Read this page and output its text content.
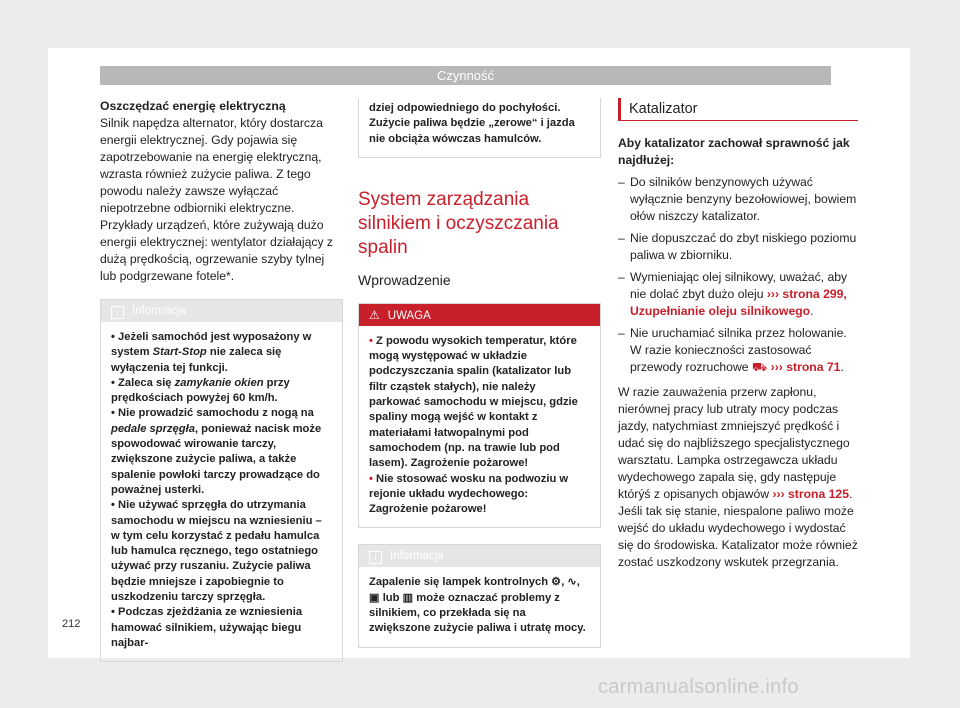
Czynność

Oszczędzać energię elektryczną

Silnik napędza alternator, który dostarcza energii elektrycznej. Gdy pojawia się zapotrzebowanie na energię elektryczną, wzrasta również zużycie paliwa. Z tego powodu należy zawsze wyłączać niepotrzebne odbiorniki elektryczne. Przykłady urządzeń, które zużywają dużo energii elektrycznej: wentylator działający z dużą prędkością, ogrzewanie szyby tylnej lub podgrzewane fotele*.

i Informacja
• Jeżeli samochód jest wyposażony w system Start-Stop nie zaleca się wyłączenia tej funkcji.
• Zaleca się zamykanie okien przy prędkościach powyżej 60 km/h.
• Nie prowadzić samochodu z nogą na pedale sprzęgła, ponieważ nacisk może spowodować wirowanie tarczy, zwiększone zużycie paliwa, a także spalenie powłoki tarczy prowadzące do poważnej usterki.
• Nie używać sprzęgła do utrzymania samochodu w miejscu na wzniesieniu – w tym celu korzystać z pedału hamulca lub hamulca ręcznego, tego ostatniego używać przy ruszaniu. Zużycie paliwa będzie mniejsze i zapobiegnie to uszkodzeniu tarczy sprzęgła.
• Podczas zjeżdżania ze wzniesienia hamować silnikiem, używając biegu najbar-
dziej odpowiedniego do pochyłości. Zużycie paliwa będzie „zerowe“ i jazda nie obciąża wówczas hamulców.
System zarządzania silnikiem i oczyszczania spalin
Wprowadzenie
⚠ UWAGA
• Z powodu wysokich temperatur, które mogą występować w układzie podczyszczania spalin (katalizator lub filtr cząstek stałych), nie należy parkować samochodu w miejscu, gdzie spaliny mogą wejść w kontakt z materiałami łatwopalnymi pod samochodem (np. na trawie lub pod lasem). Zagrożenie pożarowe!
• Nie stosować wosku na podwoziu w rejonie układu wydechowego: Zagrożenie pożarowe!
i Informacja
Zapalenie się lampek kontrolnych ⚙, ∿, ▣ lub ▥ może oznaczać problemy z silnikiem, co przekłada się na zwiększone zużycie paliwa i utratę mocy.
Katalizator

Aby katalizator zachował sprawność jak najdłużej:

– Do silników benzynowych używać wyłącznie benzyny bezołowiowej, bowiem ołów niszczy katalizator.
– Nie dopuszczać do zbyt niskiego poziomu paliwa w zbiorniku.
– Wymieniając olej silnikowy, uważać, aby nie dolać zbyt dużo oleju ››› strona 299, Uzupełnianie oleju silnikowego.
– Nie uruchamiać silnika przez holowanie. W razie konieczności zastosować przewody rozruchowe ⛟ ››› strona 71.

W razie zauważenia przerw zapłonu, nierównej pracy lub utraty mocy podczas jazdy, natychmiast zmniejszyć prędkość i udać się do najbliższego specjalistycznego warsztatu. Lampka ostrzegawcza układu wydechowego zapala się, gdy następuje którýś z opisanych objawów ››› strona 125. Jeśli tak się stanie, niespalone paliwo może wejść do układu wydechowego i wydostać się do środowiska. Katalizator może również zostać uszkodzony wskutek przegrzania.

212
carmanualsonline.info
